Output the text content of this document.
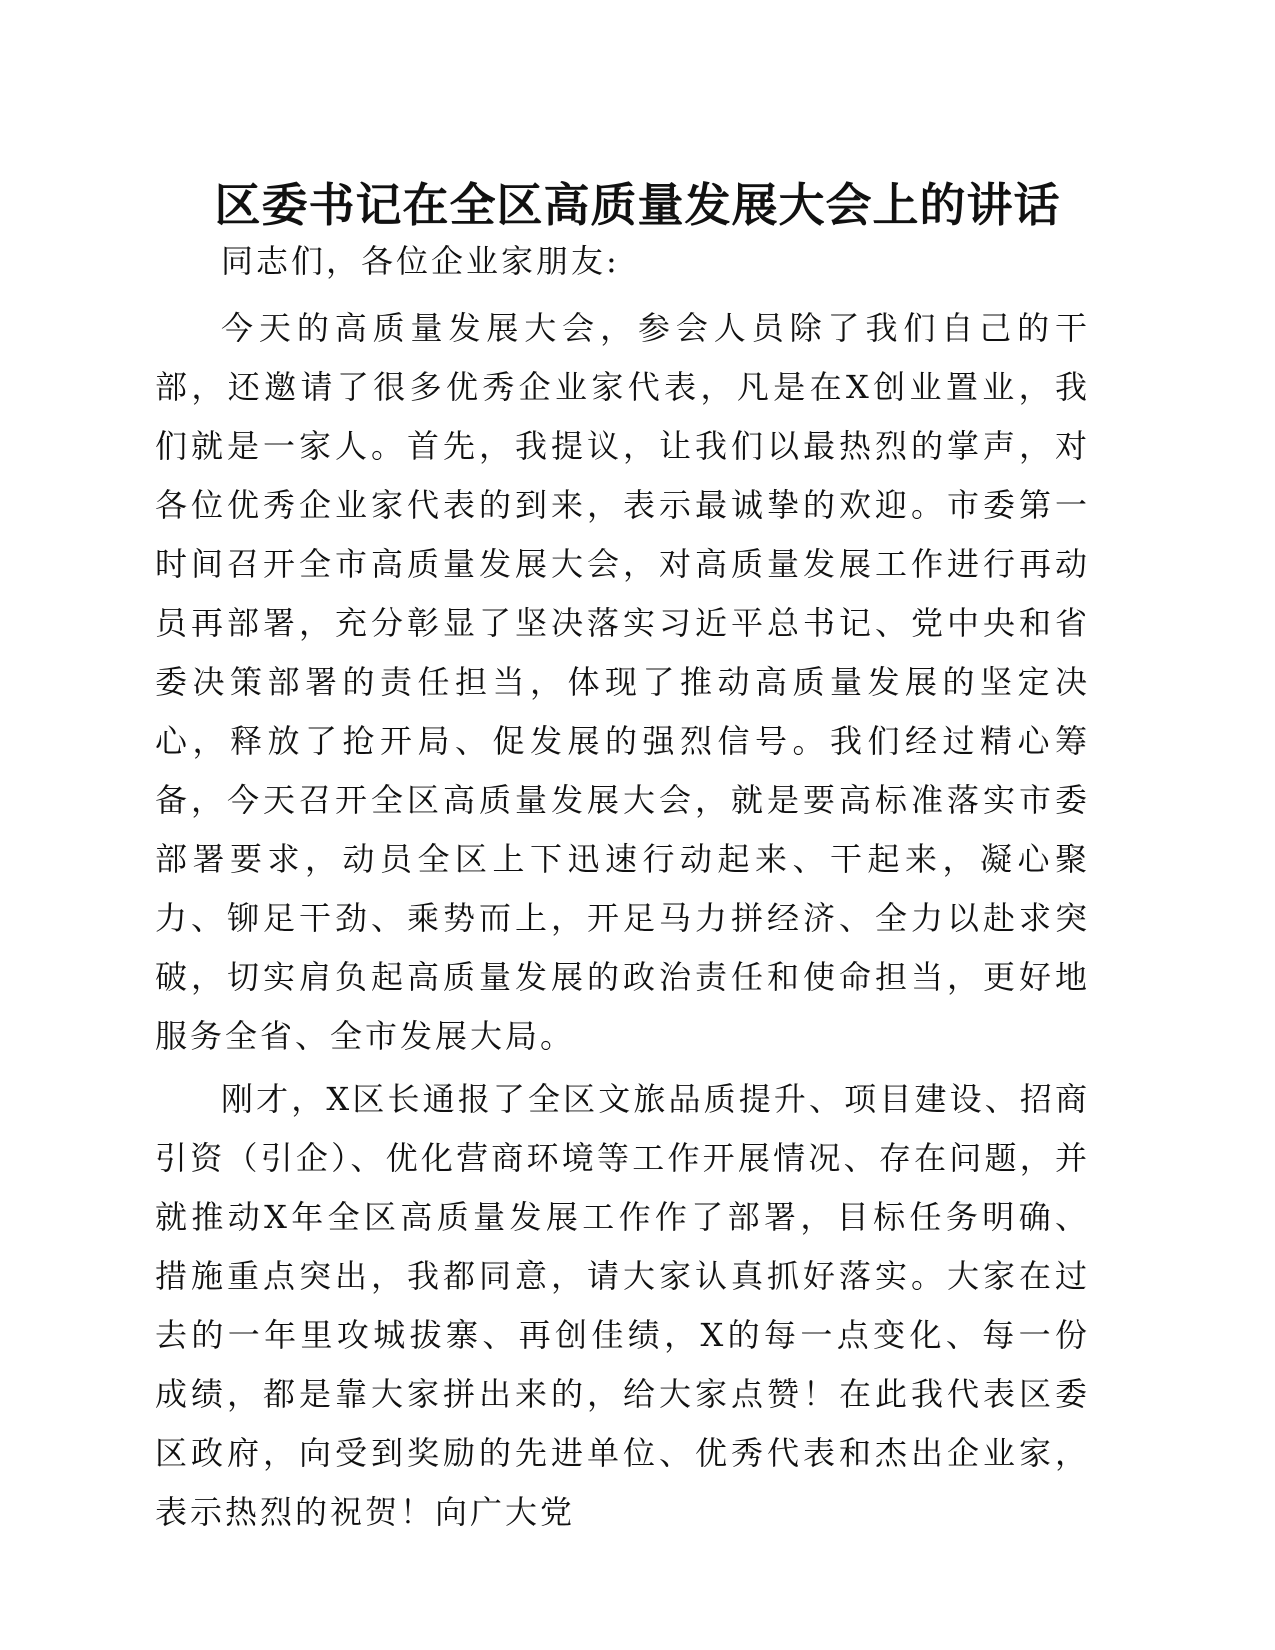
区委书记在全区高质量发展大会上的讲话

同志们，各位企业家朋友:

今天的高质量发展大会，参会人员除了我们自己的干部，还邀请了很多优秀企业家代表，凡是在X创业置业，我们就是一家人。首先，我提议，让我们以最热烈的掌声，对各位优秀企业家代表的到来，表示最诚挚的欢迎。市委第一时间召开全市高质量发展大会，对高质量发展工作进行再动员再部署，充分彰显了坚决落实习近平总书记、党中央和省委决策部署的责任担当，体现了推动高质量发展的坚定决心，释放了抢开局、促发展的强烈信号。我们经过精心筹备，今天召开全区高质量发展大会，就是要高标准落实市委部署要求，动员全区上下迅速行动起来、干起来，凝心聚力、铆足干劲、乘势而上，开足马力拼经济、全力以赴求突破，切实肩负起高质量发展的政治责任和使命担当，更好地服务全省、全市发展大局。

刚才，X区长通报了全区文旅品质提升、项目建设、招商引资（引企）、优化营商环境等工作开展情况、存在问题，并就推动X年全区高质量发展工作作了部署，目标任务明确、措施重点突出，我都同意，请大家认真抓好落实。大家在过去的一年里攻城拔寨、再创佳绩，X的每一点变化、每一份成绩，都是靠大家拼出来的，给大家点赞！在此我代表区委区政府，向受到奖励的先进单位、优秀代表和杰出企业家，表示热烈的祝贺！向广大党
